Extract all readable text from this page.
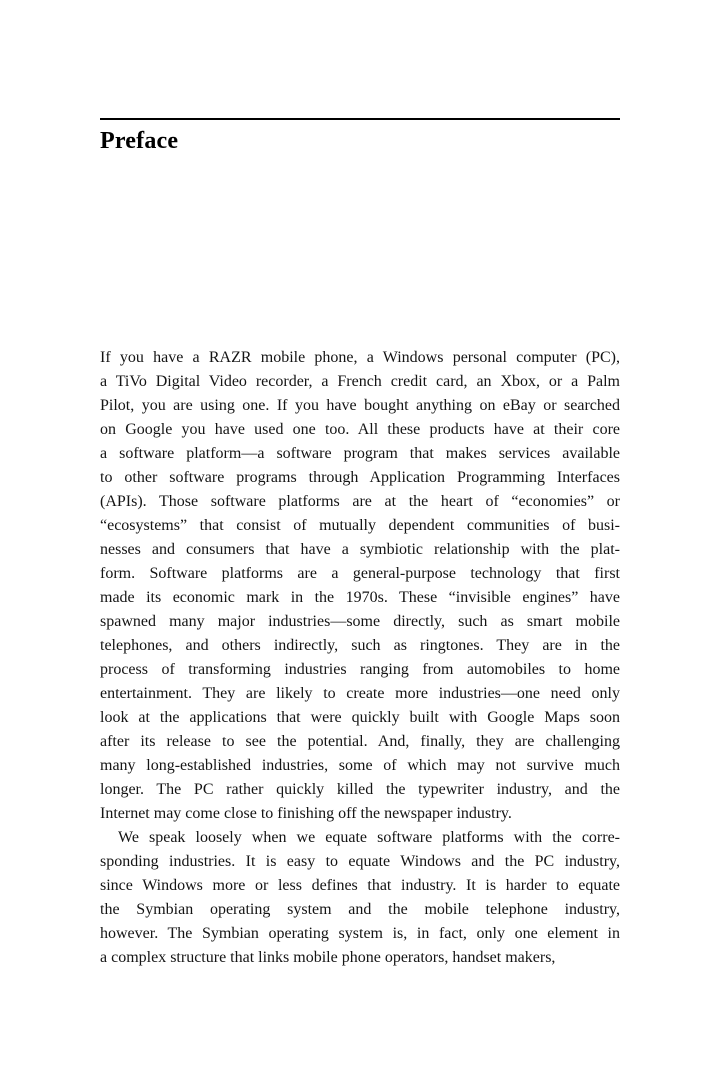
Preface
If you have a RAZR mobile phone, a Windows personal computer (PC),
a TiVo Digital Video recorder, a French credit card, an Xbox, or a Palm
Pilot, you are using one. If you have bought anything on eBay or searched
on Google you have used one too. All these products have at their core
a software platform—a software program that makes services available
to other software programs through Application Programming Interfaces
(APIs). Those software platforms are at the heart of “economies” or
“ecosystems” that consist of mutually dependent communities of busi-
nesses and consumers that have a symbiotic relationship with the plat-
form. Software platforms are a general-purpose technology that first
made its economic mark in the 1970s. These “invisible engines” have
spawned many major industries—some directly, such as smart mobile
telephones, and others indirectly, such as ringtones. They are in the
process of transforming industries ranging from automobiles to home
entertainment. They are likely to create more industries—one need only
look at the applications that were quickly built with Google Maps soon
after its release to see the potential. And, finally, they are challenging
many long-established industries, some of which may not survive much
longer. The PC rather quickly killed the typewriter industry, and the
Internet may come close to finishing off the newspaper industry.
We speak loosely when we equate software platforms with the corre-
sponding industries. It is easy to equate Windows and the PC industry,
since Windows more or less defines that industry. It is harder to equate
the Symbian operating system and the mobile telephone industry,
however. The Symbian operating system is, in fact, only one element in
a complex structure that links mobile phone operators, handset makers,
